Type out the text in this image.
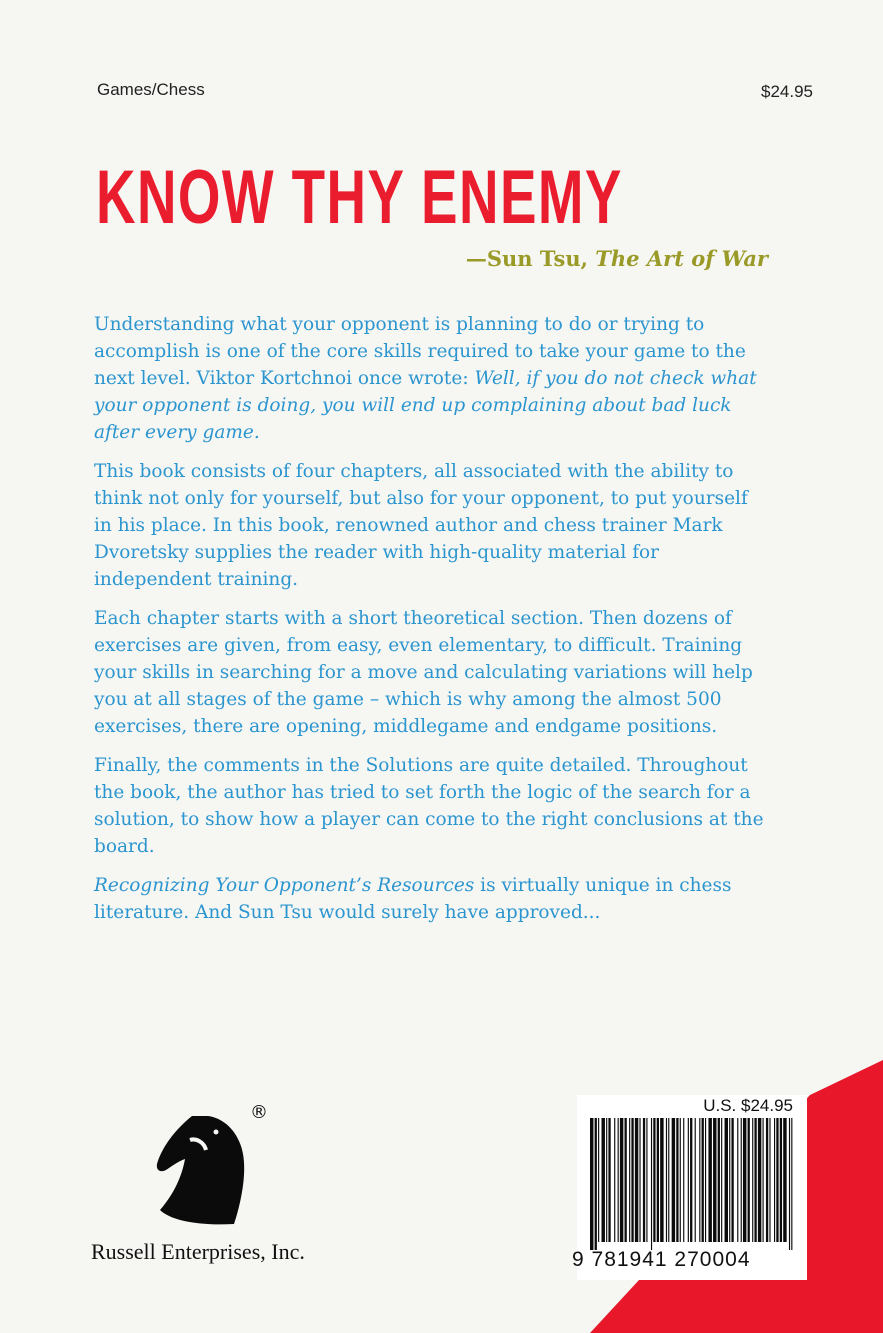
Games/Chess	$24.95
KNOW THY ENEMY
—Sun Tsu, The Art of War

Understanding what your opponent is planning to do or trying to accomplish is one of the core skills required to take your game to the next level. Viktor Kortchnoi once wrote: Well, if you do not check what your opponent is doing, you will end up complaining about bad luck after every game.

This book consists of four chapters, all associated with the ability to think not only for yourself, but also for your opponent, to put yourself in his place. In this book, renowned author and chess trainer Mark Dvoretsky supplies the reader with high-quality material for independent training.

Each chapter starts with a short theoretical section. Then dozens of exercises are given, from easy, even elementary, to difficult. Training your skills in searching for a move and calculating variations will help you at all stages of the game – which is why among the almost 500 exercises, there are opening, middlegame and endgame positions.

Finally, the comments in the Solutions are quite detailed. Throughout the book, the author has tried to set forth the logic of the search for a solution, to show how a player can come to the right conclusions at the board.

Recognizing Your Opponent’s Resources is virtually unique in chess literature. And Sun Tsu would surely have approved...

®
Russell Enterprises, Inc.
U.S. $24.95
9 781941 270004
